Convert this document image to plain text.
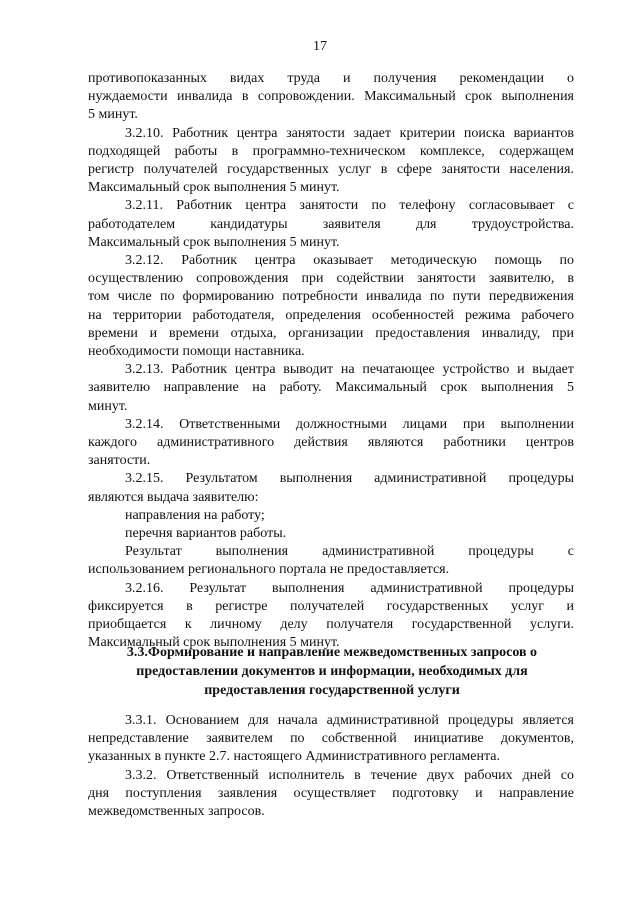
17

противопоказанных видах труда и получения рекомендации о

нуждаемости инвалида в сопровождении. Максимальный срок выполнения

5 минут.

3.2.10. Работник центра занятости задает критерии поиска вариантов

подходящей работы в программно-техническом комплексе, содержащем

регистр получателей государственных услуг в сфере занятости населения.

Максимальный срок выполнения 5 минут.

3.2.11. Работник центра занятости по телефону согласовывает с

работодателем кандидатуры заявителя для трудоустройства.

Максимальный срок выполнения 5 минут.

3.2.12. Работник центра оказывает методическую помощь по

осуществлению сопровождения при содействии занятости заявителю, в

том числе по формированию потребности инвалида по пути передвижения

на территории работодателя, определения особенностей режима рабочего

времени и времени отдыха, организации предоставления инвалиду, при

необходимости помощи наставника.

3.2.13. Работник центра выводит на печатающее устройство и выдает

заявителю направление на работу. Максимальный срок выполнения 5

минут.

3.2.14. Ответственными должностными лицами при выполнении

каждого административного действия являются работники центров

занятости.

3.2.15. Результатом выполнения административной процедуры

являются выдача заявителю:

направления на работу;

перечня вариантов работы.

Результат выполнения административной процедуры с

использованием регионального портала не предоставляется.

3.2.16. Результат выполнения административной процедуры

фиксируется в регистре получателей государственных услуг и

приобщается к личному делу получателя государственной услуги.

Максимальный срок выполнения 5 минут.

3.3.Формирование и направление межведомственных запросов о
предоставлении документов и информации, необходимых для
предоставления государственной услуги

3.3.1. Основанием для начала административной процедуры является

непредставление заявителем по собственной инициативе документов,

указанных в пункте 2.7. настоящего Административного регламента.

3.3.2. Ответственный исполнитель в течение двух рабочих дней со

дня поступления заявления осуществляет подготовку и направление

межведомственных запросов.
